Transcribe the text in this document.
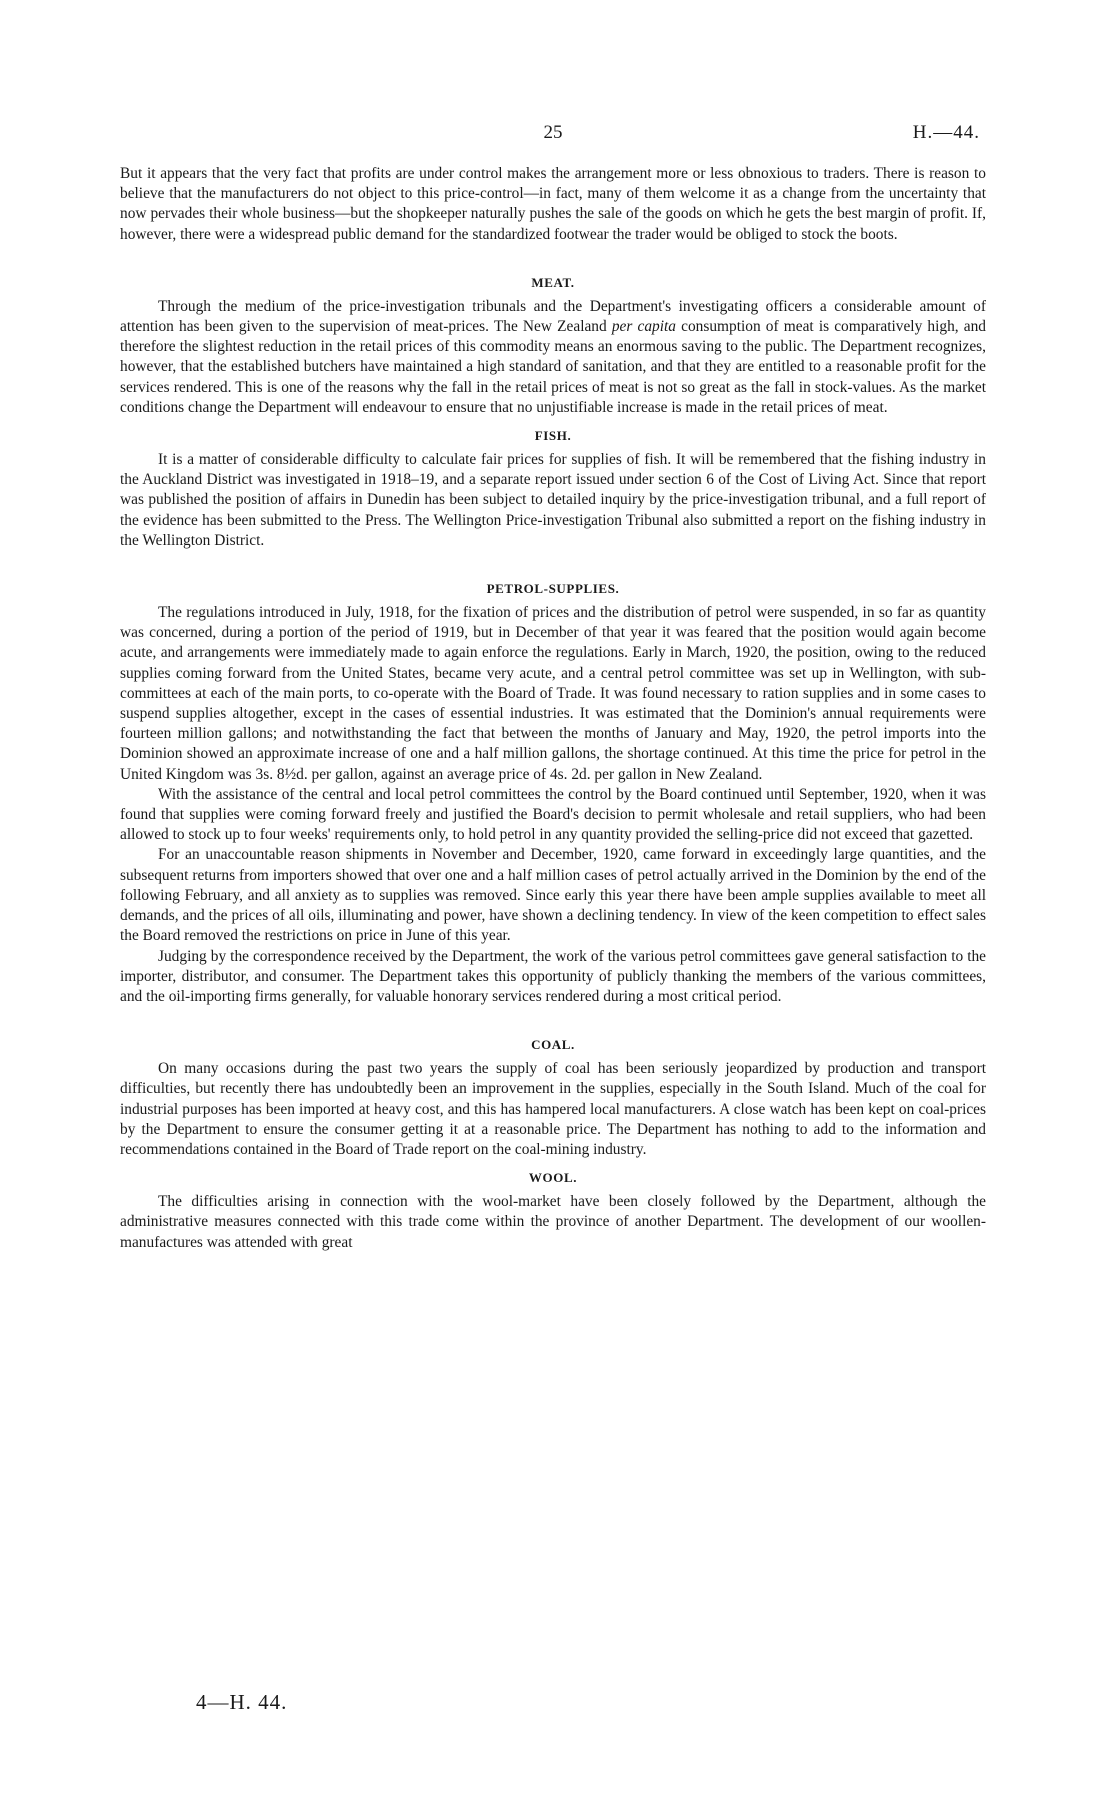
25	H.—44.

But it appears that the very fact that profits are under control makes the arrangement more or less obnoxious to traders. There is reason to believe that the manufacturers do not object to this price-control—in fact, many of them welcome it as a change from the uncertainty that now pervades their whole business—but the shopkeeper naturally pushes the sale of the goods on which he gets the best margin of profit. If, however, there were a widespread public demand for the standardized footwear the trader would be obliged to stock the boots.

MEAT.

Through the medium of the price-investigation tribunals and the Department's investigating officers a considerable amount of attention has been given to the supervision of meat-prices. The New Zealand per capita consumption of meat is comparatively high, and therefore the slightest reduction in the retail prices of this commodity means an enormous saving to the public. The Department recognizes, however, that the established butchers have maintained a high standard of sanitation, and that they are entitled to a reasonable profit for the services rendered. This is one of the reasons why the fall in the retail prices of meat is not so great as the fall in stock-values. As the market conditions change the Department will endeavour to ensure that no unjustifiable increase is made in the retail prices of meat.

FISH.

It is a matter of considerable difficulty to calculate fair prices for supplies of fish. It will be remembered that the fishing industry in the Auckland District was investigated in 1918–19, and a separate report issued under section 6 of the Cost of Living Act. Since that report was published the position of affairs in Dunedin has been subject to detailed inquiry by the price-investigation tribunal, and a full report of the evidence has been submitted to the Press. The Wellington Price-investigation Tribunal also submitted a report on the fishing industry in the Wellington District.

PETROL-SUPPLIES.

The regulations introduced in July, 1918, for the fixation of prices and the distribution of petrol were suspended, in so far as quantity was concerned, during a portion of the period of 1919, but in December of that year it was feared that the position would again become acute, and arrangements were immediately made to again enforce the regulations. Early in March, 1920, the position, owing to the reduced supplies coming forward from the United States, became very acute, and a central petrol committee was set up in Wellington, with sub-committees at each of the main ports, to co-operate with the Board of Trade. It was found necessary to ration supplies and in some cases to suspend supplies altogether, except in the cases of essential industries. It was estimated that the Dominion's annual requirements were fourteen million gallons; and notwithstanding the fact that between the months of January and May, 1920, the petrol imports into the Dominion showed an approximate increase of one and a half million gallons, the shortage continued. At this time the price for petrol in the United Kingdom was 3s. 8½d. per gallon, against an average price of 4s. 2d. per gallon in New Zealand.

With the assistance of the central and local petrol committees the control by the Board continued until September, 1920, when it was found that supplies were coming forward freely and justified the Board's decision to permit wholesale and retail suppliers, who had been allowed to stock up to four weeks' requirements only, to hold petrol in any quantity provided the selling-price did not exceed that gazetted.

For an unaccountable reason shipments in November and December, 1920, came forward in exceedingly large quantities, and the subsequent returns from importers showed that over one and a half million cases of petrol actually arrived in the Dominion by the end of the following February, and all anxiety as to supplies was removed. Since early this year there have been ample supplies available to meet all demands, and the prices of all oils, illuminating and power, have shown a declining tendency. In view of the keen competition to effect sales the Board removed the restrictions on price in June of this year.

Judging by the correspondence received by the Department, the work of the various petrol committees gave general satisfaction to the importer, distributor, and consumer. The Department takes this opportunity of publicly thanking the members of the various committees, and the oil-importing firms generally, for valuable honorary services rendered during a most critical period.

COAL.

On many occasions during the past two years the supply of coal has been seriously jeopardized by production and transport difficulties, but recently there has undoubtedly been an improvement in the supplies, especially in the South Island. Much of the coal for industrial purposes has been imported at heavy cost, and this has hampered local manufacturers. A close watch has been kept on coal-prices by the Department to ensure the consumer getting it at a reasonable price. The Department has nothing to add to the information and recommendations contained in the Board of Trade report on the coal-mining industry.

WOOL.

The difficulties arising in connection with the wool-market have been closely followed by the Department, although the administrative measures connected with this trade come within the province of another Department. The development of our woollen-manufactures was attended with great

4—H. 44.
